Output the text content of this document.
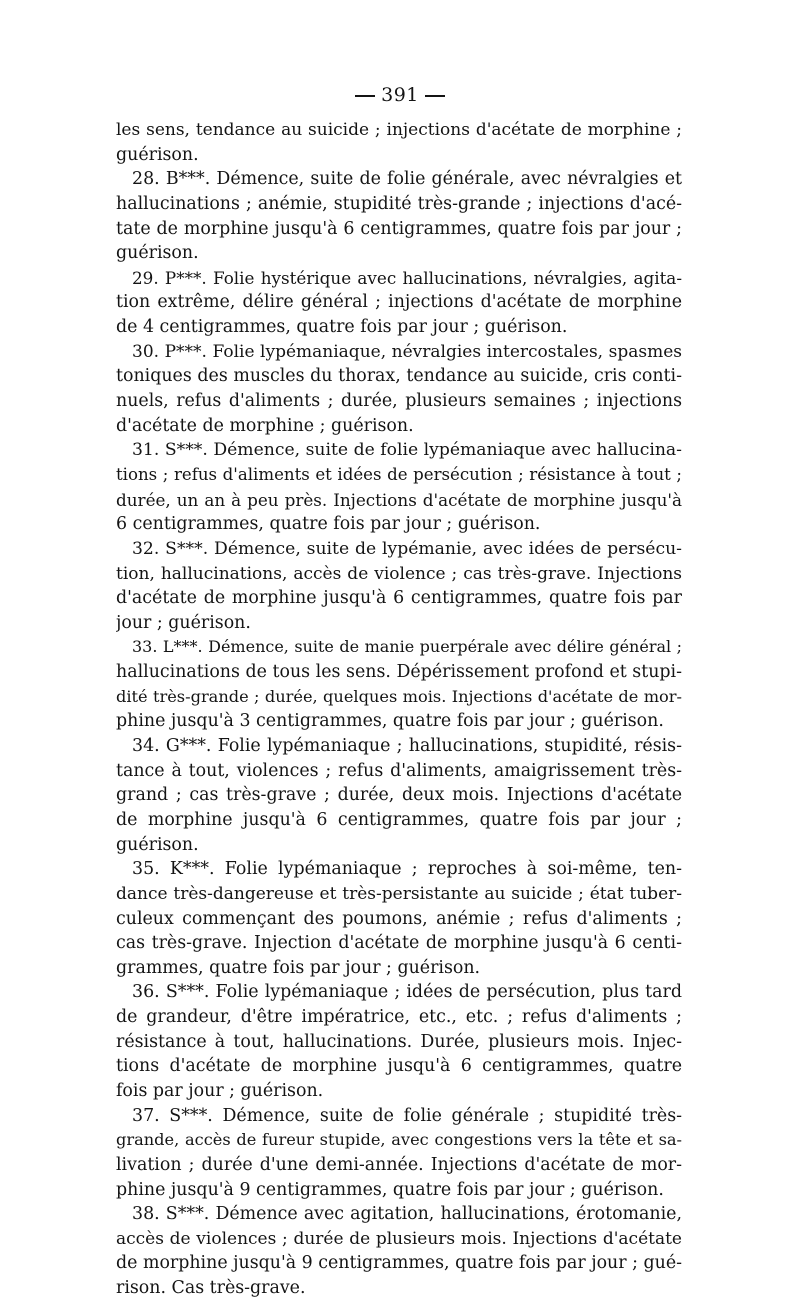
391
les sens, tendance au suicide ; injections d'acétate de morphine ;
guérison.
28. B***. Démence, suite de folie générale, avec névralgies et
hallucinations ; anémie, stupidité très-grande ; injections d'acé-
tate de morphine jusqu'à 6 centigrammes, quatre fois par jour ;
guérison.
29. P***. Folie hystérique avec hallucinations, névralgies, agita-
tion extrême, délire général ; injections d'acétate de morphine
de 4 centigrammes, quatre fois par jour ; guérison.
30. P***. Folie lypémaniaque, névralgies intercostales, spasmes
toniques des muscles du thorax, tendance au suicide, cris conti-
nuels, refus d'aliments ; durée, plusieurs semaines ; injections
d'acétate de morphine ; guérison.
31. S***. Démence, suite de folie lypémaniaque avec hallucina-
tions ; refus d'aliments et idées de persécution ; résistance à tout ;
durée, un an à peu près. Injections d'acétate de morphine jusqu'à
6 centigrammes, quatre fois par jour ; guérison.
32. S***. Démence, suite de lypémanie, avec idées de persécu-
tion, hallucinations, accès de violence ; cas très-grave. Injections
d'acétate de morphine jusqu'à 6 centigrammes, quatre fois par
jour ; guérison.
33. L***. Démence, suite de manie puerpérale avec délire général ;
hallucinations de tous les sens. Dépérissement profond et stupi-
dité très-grande ; durée, quelques mois. Injections d'acétate de mor-
phine jusqu'à 3 centigrammes, quatre fois par jour ; guérison.
34. G***. Folie lypémaniaque ; hallucinations, stupidité, résis-
tance à tout, violences ; refus d'aliments, amaigrissement très-
grand ; cas très-grave ; durée, deux mois. Injections d'acétate
de morphine jusqu'à 6 centigrammes, quatre fois par jour ;
guérison.
35. K***. Folie lypémaniaque ; reproches à soi-même, ten-
dance très-dangereuse et très-persistante au suicide ; état tuber-
culeux commençant des poumons, anémie ; refus d'aliments ;
cas très-grave. Injection d'acétate de morphine jusqu'à 6 centi-
grammes, quatre fois par jour ; guérison.
36. S***. Folie lypémaniaque ; idées de persécution, plus tard
de grandeur, d'être impératrice, etc., etc. ; refus d'aliments ;
résistance à tout, hallucinations. Durée, plusieurs mois. Injec-
tions d'acétate de morphine jusqu'à 6 centigrammes, quatre
fois par jour ; guérison.
37. S***. Démence, suite de folie générale ; stupidité très-
grande, accès de fureur stupide, avec congestions vers la tête et sa-
livation ; durée d'une demi-année. Injections d'acétate de mor-
phine jusqu'à 9 centigrammes, quatre fois par jour ; guérison.
38. S***. Démence avec agitation, hallucinations, érotomanie,
accès de violences ; durée de plusieurs mois. Injections d'acétate
de morphine jusqu'à 9 centigrammes, quatre fois par jour ; gué-
rison. Cas très-grave.
